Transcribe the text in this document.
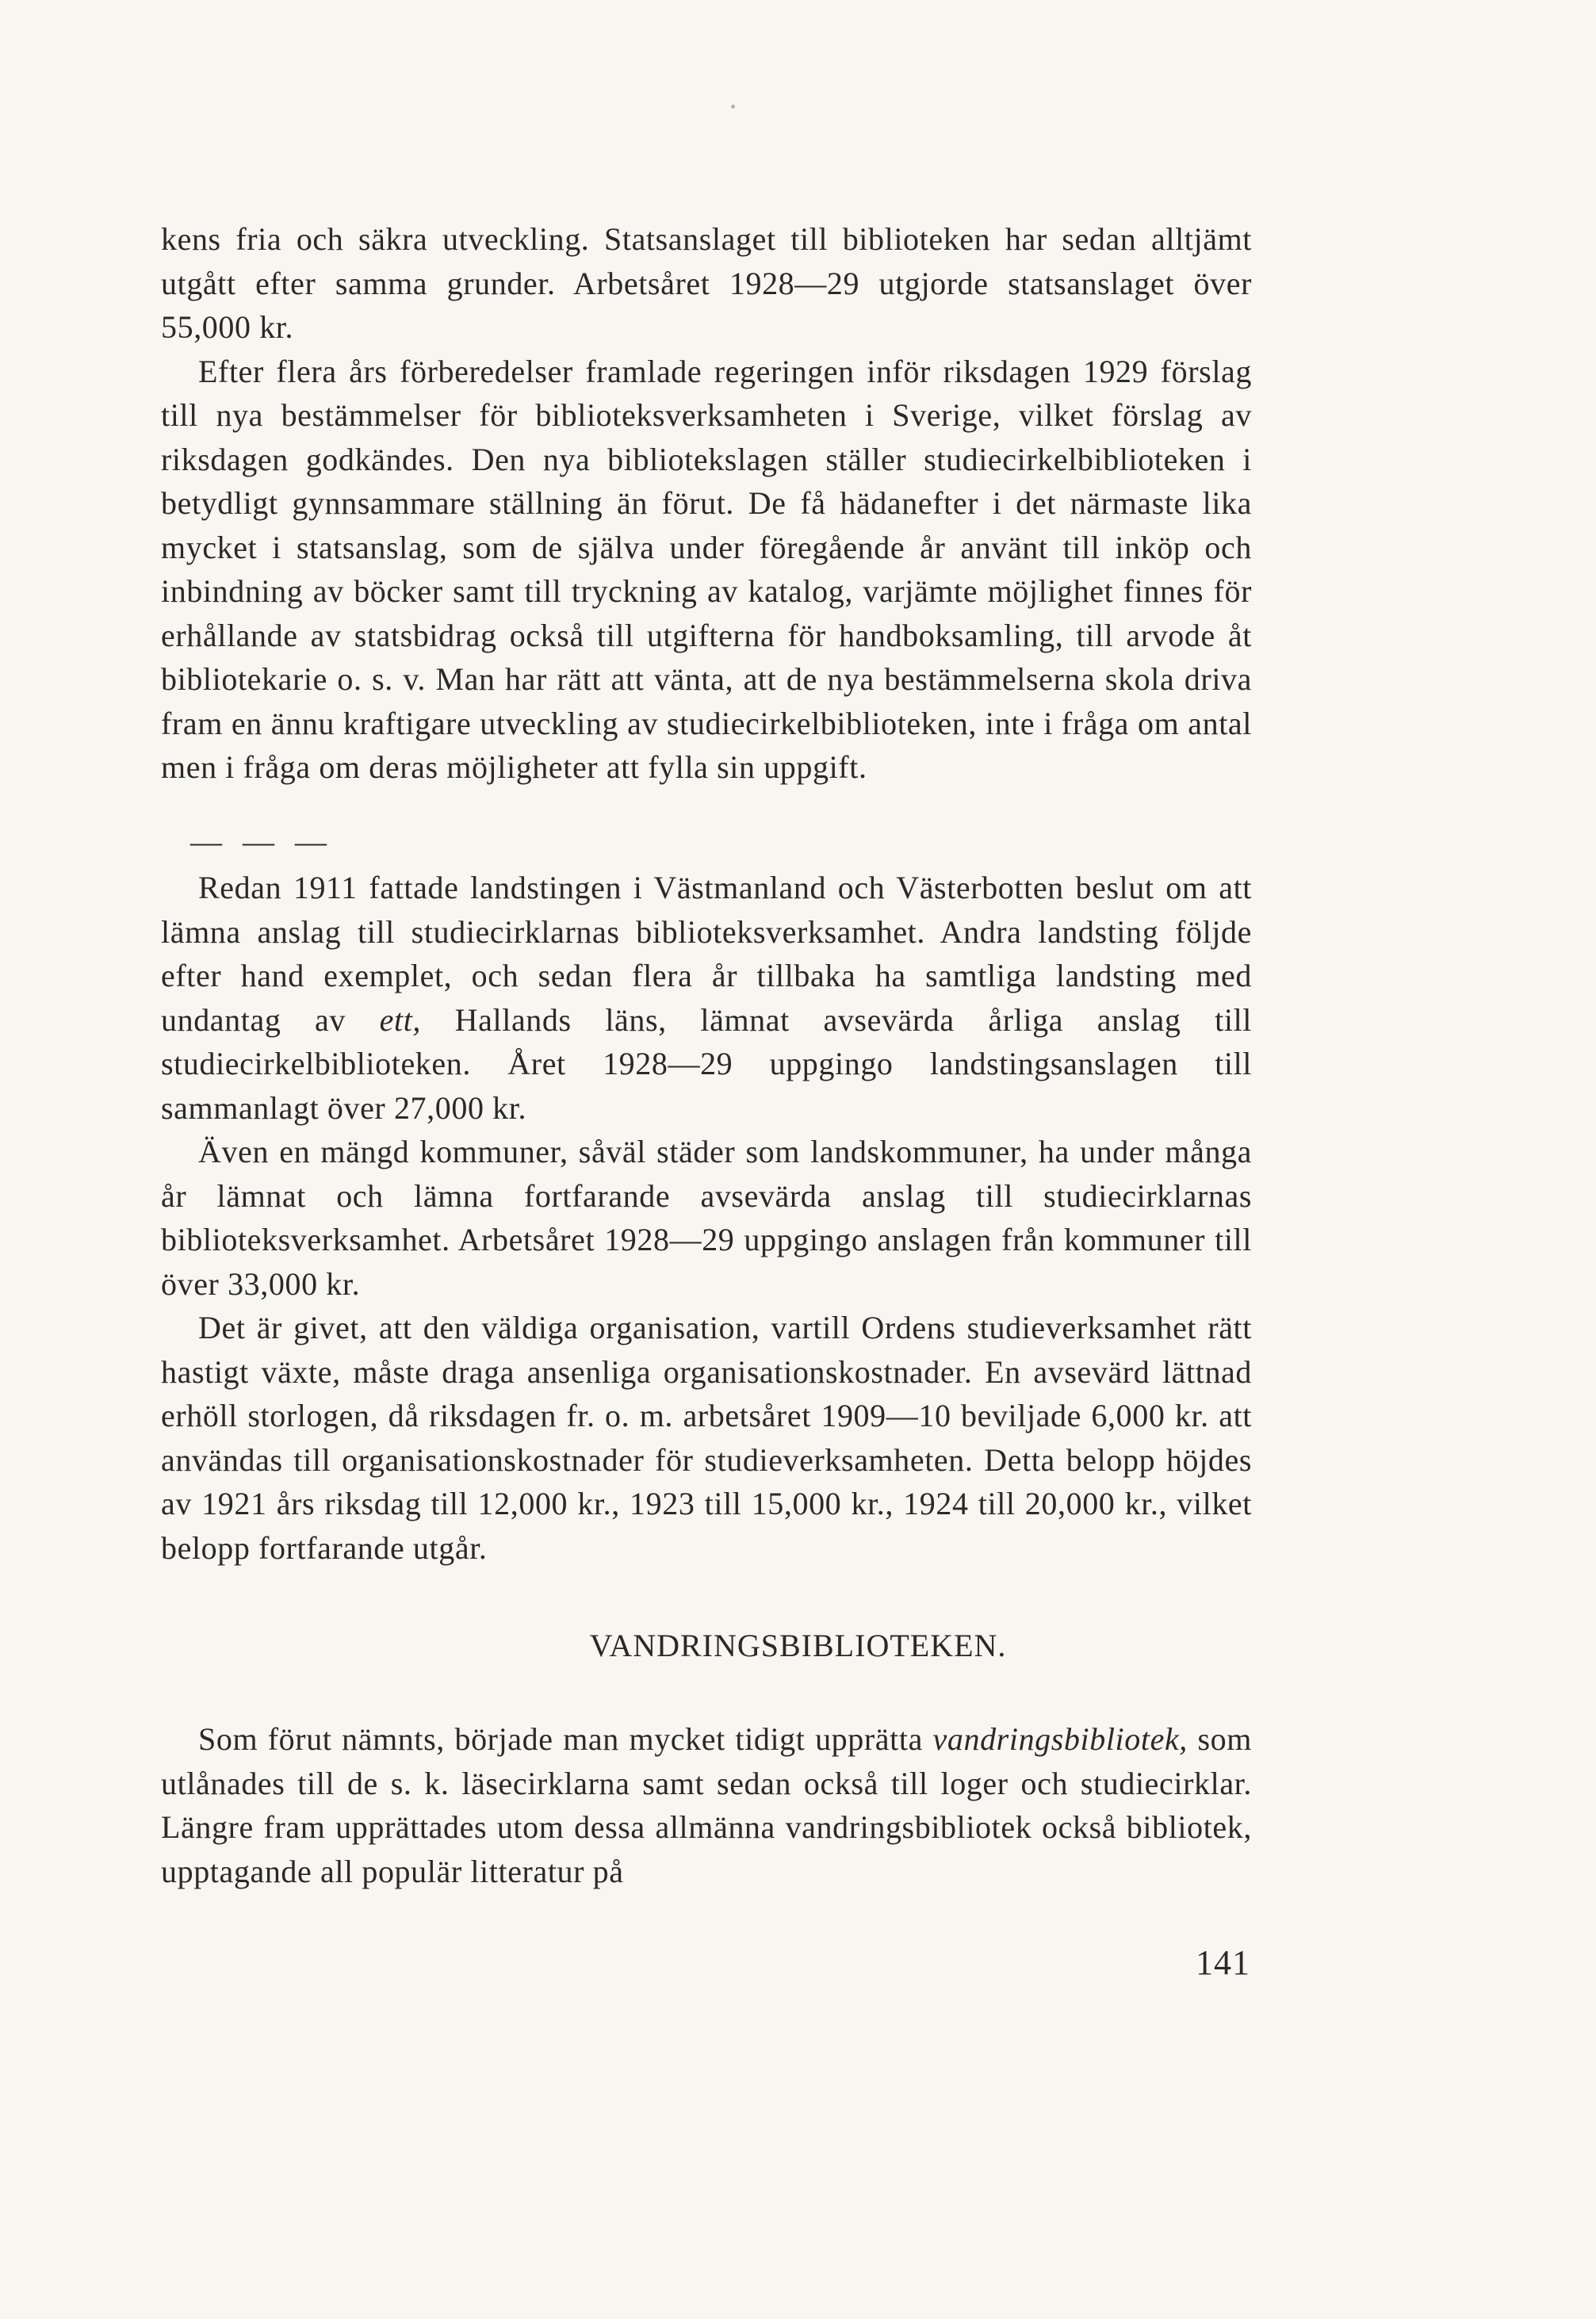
kens fria och säkra utveckling. Statsanslaget till biblioteken har sedan alltjämt utgått efter samma grunder. Arbetsåret 1928—29 utgjorde statsanslaget över 55,000 kr.

Efter flera års förberedelser framlade regeringen inför riksdagen 1929 förslag till nya bestämmelser för biblioteksverksamheten i Sverige, vilket förslag av riksdagen godkändes. Den nya bibliotekslagen ställer studiecirkelbiblioteken i betydligt gynnsammare ställning än förut. De få hädanefter i det närmaste lika mycket i statsanslag, som de själva under föregående år använt till inköp och inbindning av böcker samt till tryckning av katalog, varjämte möjlighet finnes för erhållande av statsbidrag också till utgifterna för handboksamling, till arvode åt bibliotekarie o. s. v. Man har rätt att vänta, att de nya bestämmelserna skola driva fram en ännu kraftigare utveckling av studiecirkelbiblioteken, inte i fråga om antal men i fråga om deras möjligheter att fylla sin uppgift.

— — —

Redan 1911 fattade landstingen i Västmanland och Västerbotten beslut om att lämna anslag till studiecirklarnas biblioteksverksamhet. Andra landsting följde efter hand exemplet, och sedan flera år tillbaka ha samtliga landsting med undantag av ett, Hallands läns, lämnat avsevärda årliga anslag till studiecirkelbiblioteken. Året 1928—29 uppgingo landstingsanslagen till sammanlagt över 27,000 kr.

Även en mängd kommuner, såväl städer som landskommuner, ha under många år lämnat och lämna fortfarande avsevärda anslag till studiecirklarnas biblioteksverksamhet. Arbetsåret 1928—29 uppgingo anslagen från kommuner till över 33,000 kr.

Det är givet, att den väldiga organisation, vartill Ordens studieverksamhet rätt hastigt växte, måste draga ansenliga organisationskostnader. En avsevärd lättnad erhöll storlogen, då riksdagen fr. o. m. arbetsåret 1909—10 beviljade 6,000 kr. att användas till organisationskostnader för studieverksamheten. Detta belopp höjdes av 1921 års riksdag till 12,000 kr., 1923 till 15,000 kr., 1924 till 20,000 kr., vilket belopp fortfarande utgår.

VANDRINGSBIBLIOTEKEN.

Som förut nämnts, började man mycket tidigt upprätta vandringsbibliotek, som utlånades till de s. k. läsecirklarna samt sedan också till loger och studiecirklar. Längre fram upprättades utom dessa allmänna vandringsbibliotek också bibliotek, upptagande all populär litteratur på

141
